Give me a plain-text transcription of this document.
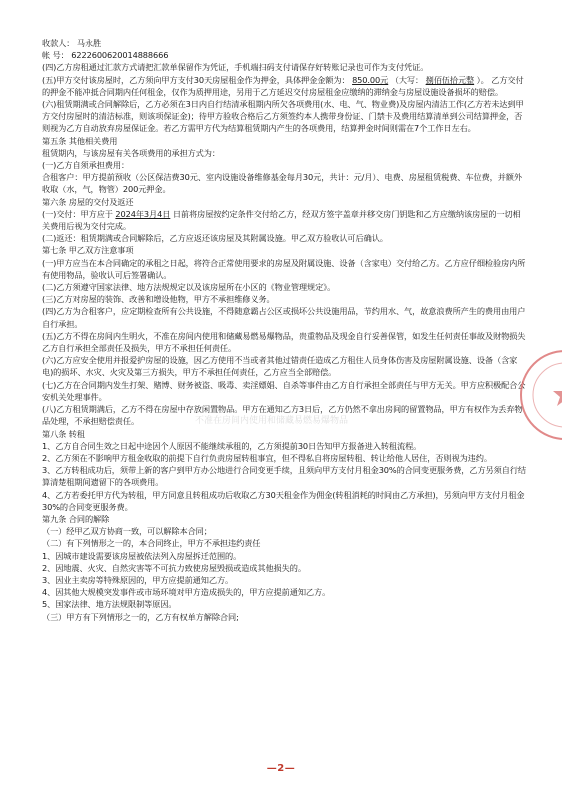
收款人： 马永胜

帐 号： 6222600620014888666

(四)乙方房租通过汇款方式请把汇款单保留作为凭证，手机端扫码支付请保存好转账记录也可作为支付凭证。

(五)甲方交付该房屋时，乙方须向甲方支付30天房屋租金作为押金，具体押金金额为： 850.00元 （大写： 捌佰伍拾元整 ）。 乙方交付的押金不能冲抵合同期内任何租金，仅作为质押用途，另用于乙方延迟交付房屋租金应缴纳的滞纳金与房屋设施设备损坏的赔偿。

(六)租赁期满或合同解除后，乙方必须在3日内自行结清承租期内所欠各项费用(水、电、气、物业费)及房屋内清洁工作(乙方若未达到甲方交付房屋时的清洁标准，则该项保证金)；待甲方验收合格后乙方须签约本人携带身份证、门禁卡及费用结算清单到公司结算押金，否则视为乙方自动放弃房屋保证金。若乙方需甲方代为结算租赁期内产生的各项费用，结算押金时间则需在7个工作日左右。

第五条 其他相关费用

租赁期内，与该房屋有关各项费用的承担方式为：

(一)乙方自须承担费用：

合租客户：甲方提前预收（公区保洁费30元、室内设施设备维修基金每月30元，共计：元/月）、电费、房屋租赁税费、车位费，并额外收取（水，气，物管）200元押金。

第六条 房屋的交付及返还

(一)交付：甲方应于 2024年3月4日 日前将房屋按约定条件交付给乙方，经双方签字盖章并移交房门钥匙和乙方应缴纳该房屋的一切相关费用后视为交付完成。

(二)返还：租赁期满或合同解除后，乙方应返还该房屋及其附属设施。甲乙双方验收认可后确认。

第七条 甲乙双方注意事项

(一)甲方应当在本合同确定的承租之日起，将符合正常使用要求的房屋及附属设施、设备（含家电）交付给乙方。乙方应仔细检验房内所有使用物品，验收认可后签署确认。

(二)乙方须遵守国家法律、地方法规规定以及该房屋所在小区的《物业管理规定》。

(三)乙方对房屋的装饰、改善和增设他物，甲方不承担维修义务。

(四)乙方为合租客户，应定期检查所有公共设施，不得随意霸占公区或损坏公共设施用品，节约用水、气，故意浪费所产生的费用由用户自行承担。

(五)乙方不得在房间内生明火，不准在房间内使用和储藏易燃易爆物品，贵重物品及现金自行妥善保管，如发生任何责任事故及财物损失乙方自行承担全部责任及损失，甲方不承担任何责任。

(六)乙方应安全使用并报爱护房屋的设施，因乙方使用不当或者其他过错责任造成乙方租住人员身体伤害及房屋附属设施、设备（含家电)的损坏、水灾、火灾及第三方损失，甲方不承担任何责任，乙方应当全部赔偿。

(七)乙方在合同期内发生打架、赌博、财务被盗、吸毒、卖淫嫖娼、自杀等事件由乙方自行承担全部责任与甲方无关。甲方应积极配合公安机关处理事件。

(八)乙方租赁期满后，乙方不得在房屋中存放闲置物品。甲方在通知乙方3日后，乙方仍然不拿出房间的留置物品，甲方有权作为丢弃物品处理，不承担赔偿责任。

第八条 转租

1、乙方自合同生效之日起中途因个人原因不能继续承租的，乙方须提前30日告知甲方报备进入转租流程。

2、乙方须在不影响甲方租金收取的前提下自行负责房屋转租事宜，但不得私自将房屋转租、转让给他人居住，否则视为违约。

3、乙方转租成功后，须带上新的客户到甲方办公地进行合同变更手续，且须向甲方支付月租金30%的合同变更服务费，乙方另须自行结算清楚租期间遗留下的各项费用。

4、乙方若委托甲方代为转租，甲方同意且转租成功后收取乙方30天租金作为佣金(转租消耗的时间由乙方承担)，另须向甲方支付月租金30%的合同变更服务费。

第九条 合同的解除

（一）经甲乙双方协商一致，可以解除本合同；

（二）有下列情形之一的，本合同终止，甲方不承担违约责任

1、因城市建设需要该房屋被依法列入房屋拆迁范围的。

2、因地震、火灾、自然灾害等不可抗力致使房屋毁损或造成其他损失的。

3、因业主卖房等特殊原因的，甲方应提前通知乙方。

4、因其他大规模突发事件或市场环境对甲方造成损失的，甲方应提前通知乙方。

5、国家法律、地方法规限制等原因。

（三）甲方有下列情形之一的，乙方有权单方解除合同;

不准在房间内使用和储藏易燃易爆物品
—2—
